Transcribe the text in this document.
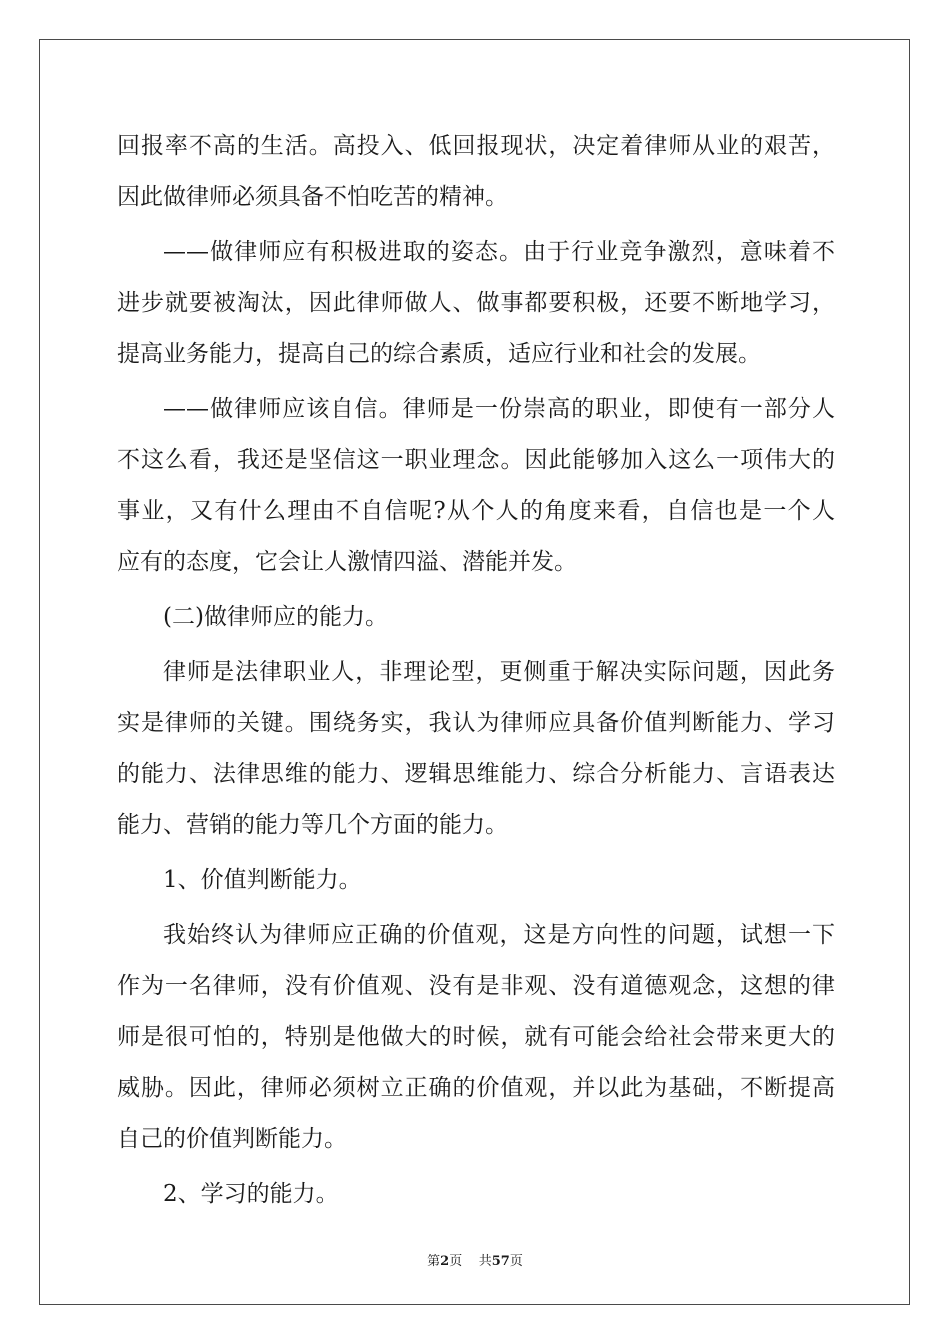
回报率不高的生活。高投入、低回报现状，决定着律师从业的艰苦，
因此做律师必须具备不怕吃苦的精神。
——做律师应有积极进取的姿态。由于行业竞争激烈，意味着不
进步就要被淘汰，因此律师做人、做事都要积极，还要不断地学习，
提高业务能力，提高自己的综合素质，适应行业和社会的发展。
——做律师应该自信。律师是一份崇高的职业，即使有一部分人
不这么看，我还是坚信这一职业理念。因此能够加入这么一项伟大的
事业，又有什么理由不自信呢?从个人的角度来看，自信也是一个人
应有的态度，它会让人激情四溢、潜能并发。
(二)做律师应的能力。
律师是法律职业人，非理论型，更侧重于解决实际问题，因此务
实是律师的关键。围绕务实，我认为律师应具备价值判断能力、学习
的能力、法律思维的能力、逻辑思维能力、综合分析能力、言语表达
能力、营销的能力等几个方面的能力。
1、价值判断能力。
我始终认为律师应正确的价值观，这是方向性的问题，试想一下
作为一名律师，没有价值观、没有是非观、没有道德观念，这想的律
师是很可怕的，特别是他做大的时候，就有可能会给社会带来更大的
威胁。因此，律师必须树立正确的价值观，并以此为基础，不断提高
自己的价值判断能力。
2、学习的能力。
第2页 共57页
